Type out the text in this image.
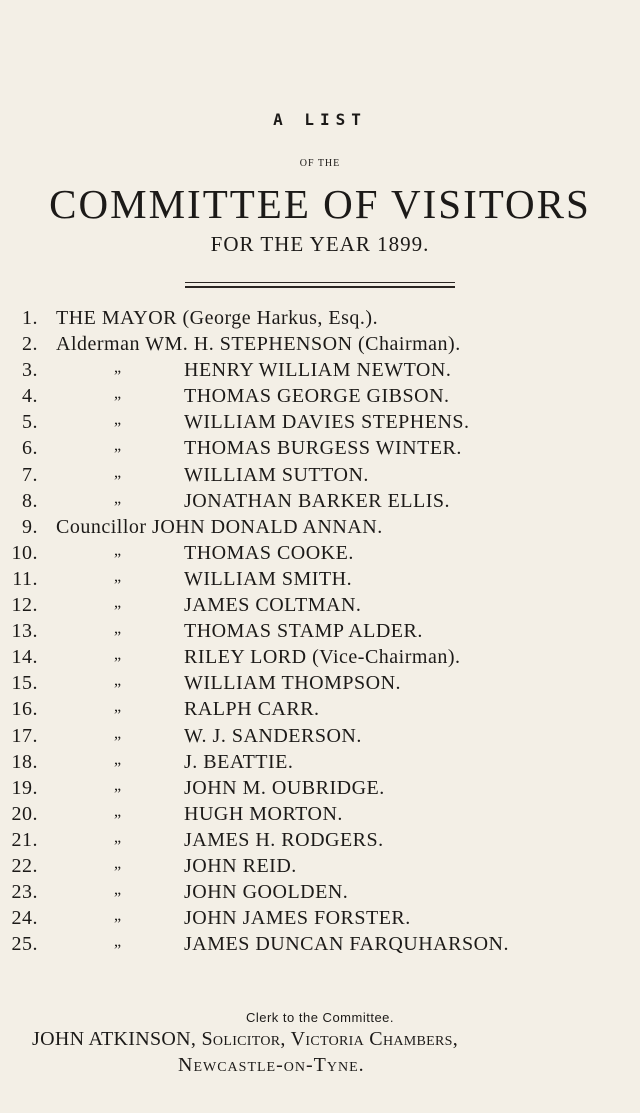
A LIST
OF THE
COMMITTEE OF VISITORS
FOR THE YEAR 1899.
1. THE MAYOR (George Harkus, Esq.).
2. Alderman WM. H. STEPHENSON (Chairman).
3.	„	HENRY WILLIAM NEWTON.
4.	„	THOMAS GEORGE GIBSON.
5.	„	WILLIAM DAVIES STEPHENS.
6.	„	THOMAS BURGESS WINTER.
7.	„	WILLIAM SUTTON.
8.	„	JONATHAN BARKER ELLIS.
9. Councillor JOHN DONALD ANNAN.
10.	„	THOMAS COOKE.
11.	„	WILLIAM SMITH.
12.	„	JAMES COLTMAN.
13.	„	THOMAS STAMP ALDER.
14.	„	RILEY LORD (Vice-Chairman).
15.	„	WILLIAM THOMPSON.
16.	„	RALPH CARR.
17.	„	W. J. SANDERSON.
18.	„	J. BEATTIE.
19.	„	JOHN M. OUBRIDGE.
20.	„	HUGH MORTON.
21.	„	JAMES H. RODGERS.
22.	„	JOHN REID.
23.	„	JOHN GOOLDEN.
24.	„	JOHN JAMES FORSTER.
25.	„	JAMES DUNCAN FARQUHARSON.
Clerk to the Committee.
JOHN ATKINSON, Solicitor, Victoria Chambers,
Newcastle-on-Tyne.
